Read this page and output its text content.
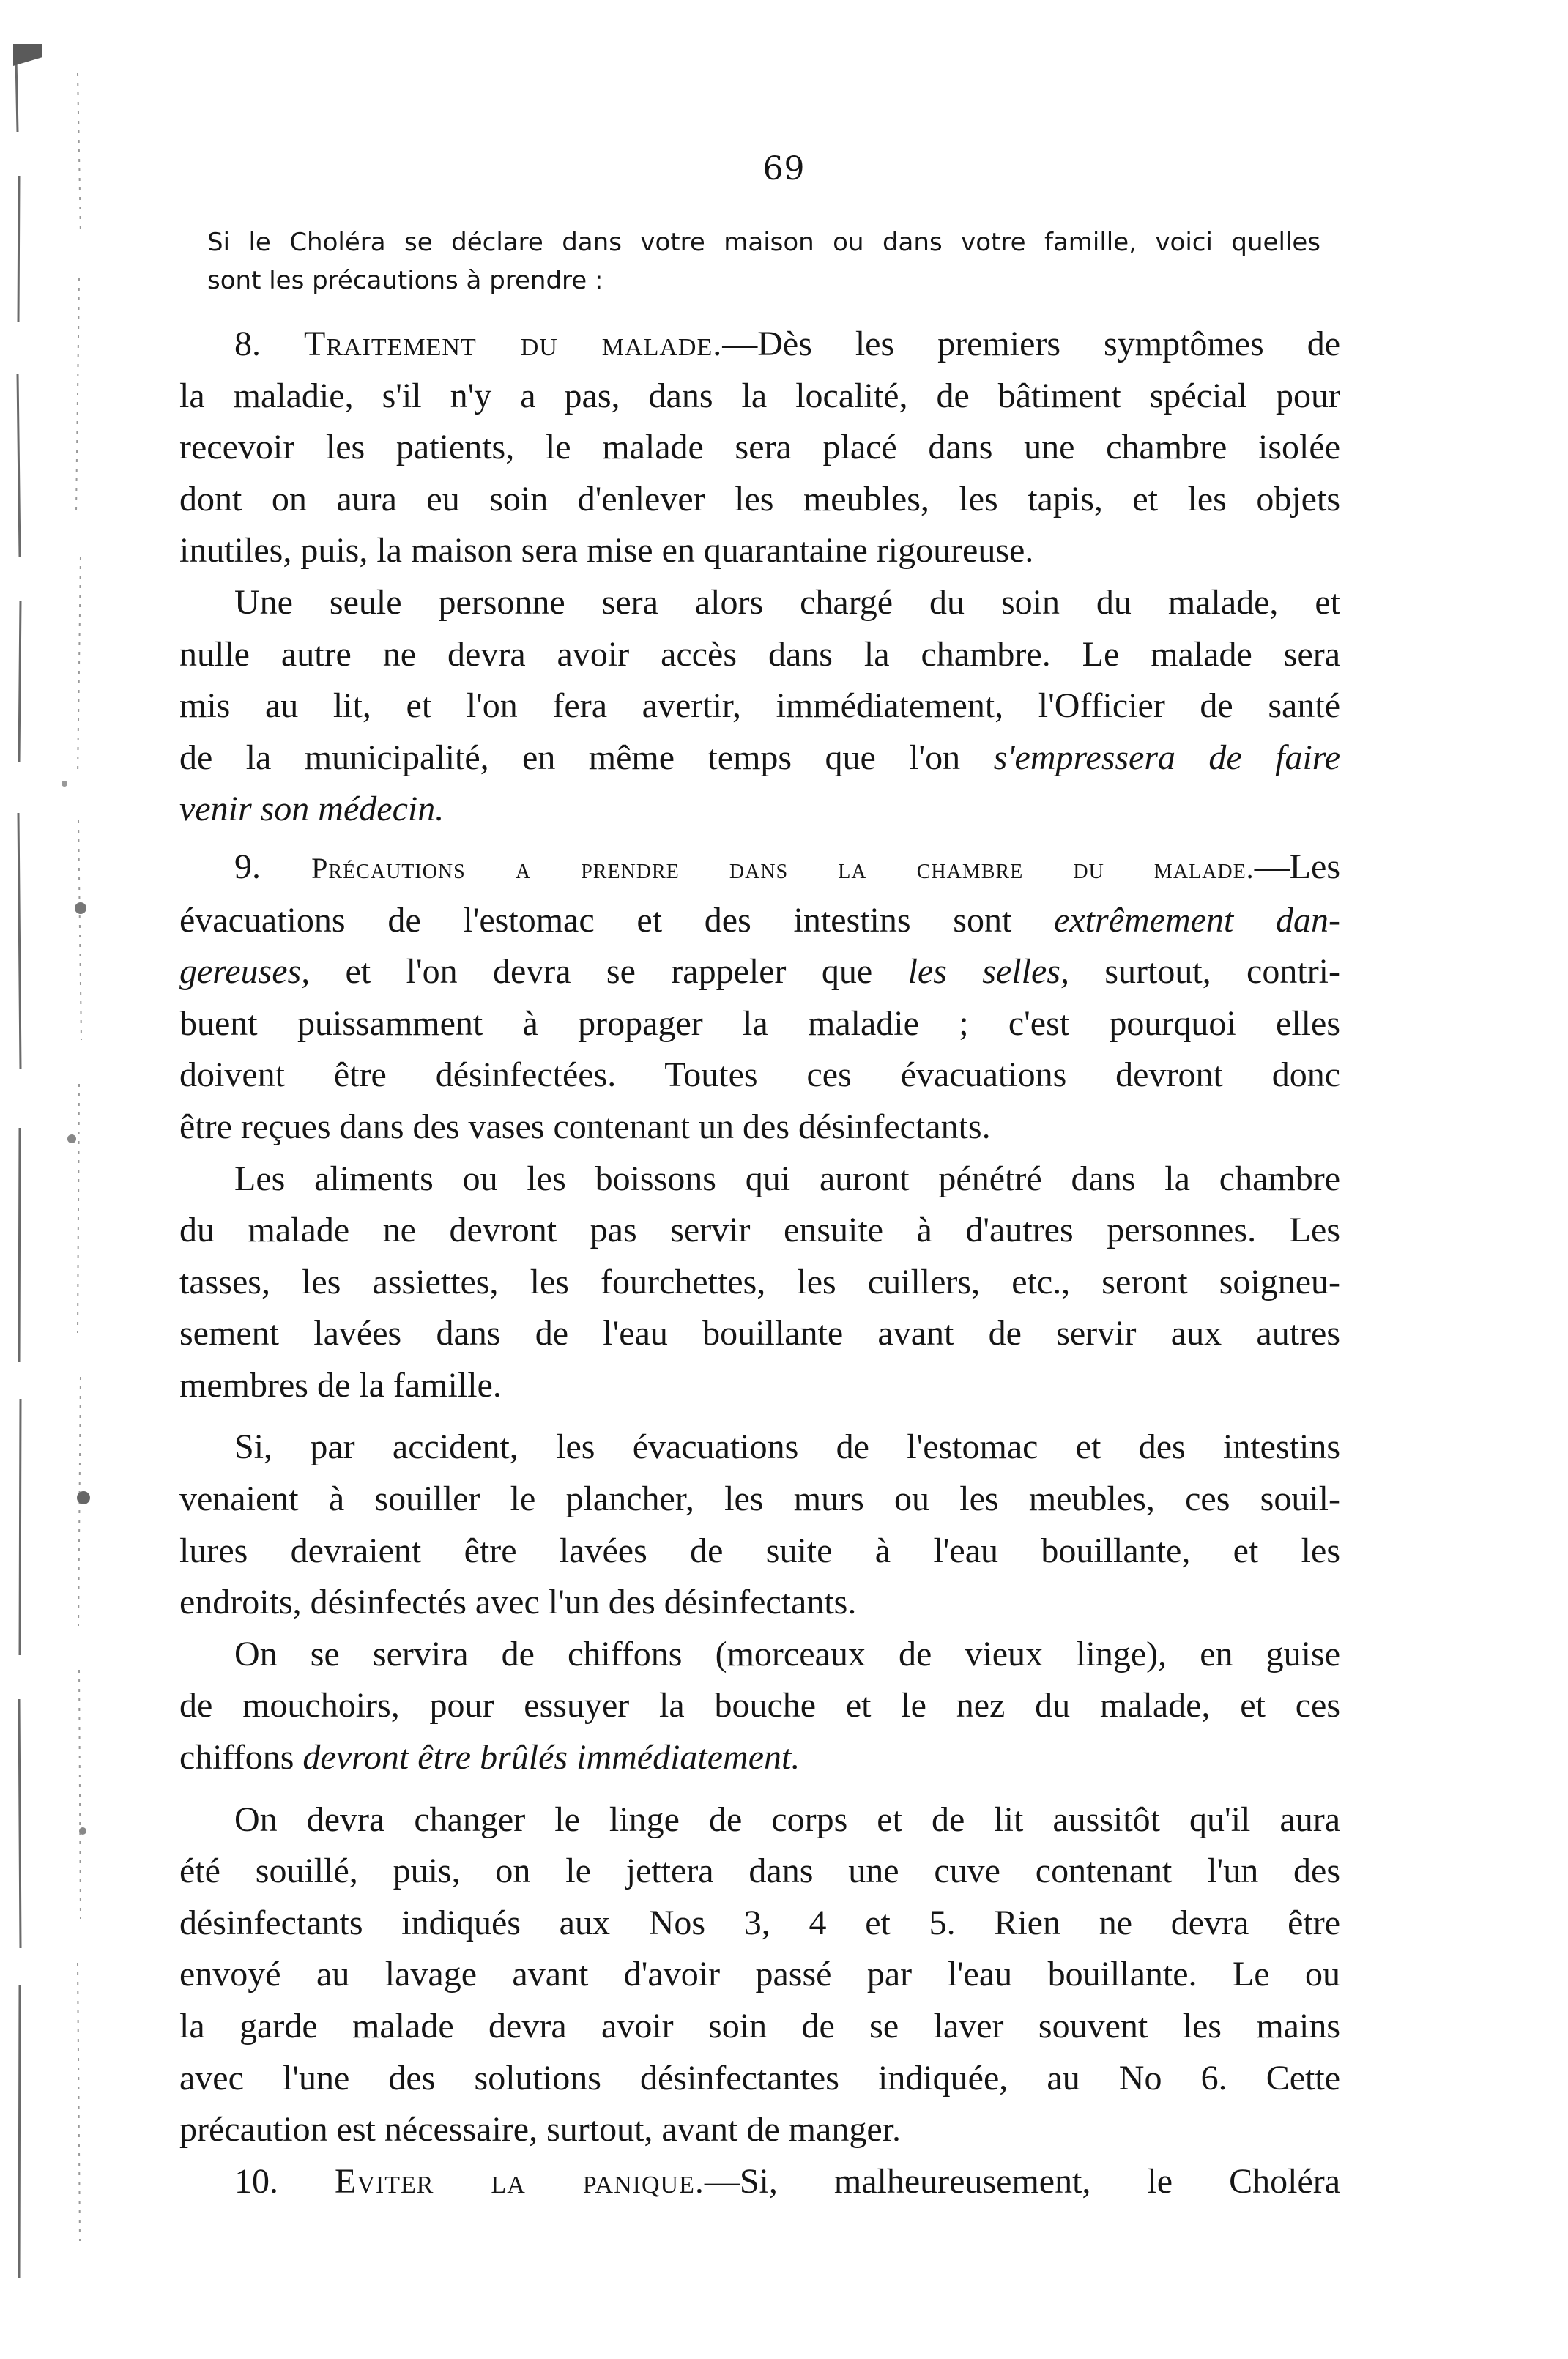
69
Si le Choléra se déclare dans votre maison ou dans votre famille, voici quelles
sont les précautions à prendre :
8. Traitement du malade.—Dès les premiers symptômes de
la maladie, s'il n'y a pas, dans la localité, de bâtiment spécial pour
recevoir les patients, le malade sera placé dans une chambre isolée
dont on aura eu soin d'enlever les meubles, les tapis, et les objets
inutiles, puis, la maison sera mise en quarantaine rigoureuse.
Une seule personne sera alors chargé du soin du malade, et
nulle autre ne devra avoir accès dans la chambre. Le malade sera
mis au lit, et l'on fera avertir, immédiatement, l'Officier de santé
de la municipalité, en même temps que l'on s'empressera de faire
venir son médecin.
9. Précautions a prendre dans la chambre du malade.—Les
évacuations de l'estomac et des intestins sont extrêmement dan-
gereuses, et l'on devra se rappeler que les selles, surtout, contri-
buent puissamment à propager la maladie ; c'est pourquoi elles
doivent être désinfectées. Toutes ces évacuations devront donc
être reçues dans des vases contenant un des désinfectants.
Les aliments ou les boissons qui auront pénétré dans la chambre
du malade ne devront pas servir ensuite à d'autres personnes. Les
tasses, les assiettes, les fourchettes, les cuillers, etc., seront soigneu-
sement lavées dans de l'eau bouillante avant de servir aux autres
membres de la famille.
Si, par accident, les évacuations de l'estomac et des intestins
venaient à souiller le plancher, les murs ou les meubles, ces souil-
lures devraient être lavées de suite à l'eau bouillante, et les
endroits, désinfectés avec l'un des désinfectants.
On se servira de chiffons (morceaux de vieux linge), en guise
de mouchoirs, pour essuyer la bouche et le nez du malade, et ces
chiffons devront être brûlés immédiatement.
On devra changer le linge de corps et de lit aussitôt qu'il aura
été souillé, puis, on le jettera dans une cuve contenant l'un des
désinfectants indiqués aux Nos 3, 4 et 5. Rien ne devra être
envoyé au lavage avant d'avoir passé par l'eau bouillante. Le ou
la garde malade devra avoir soin de se laver souvent les mains
avec l'une des solutions désinfectantes indiquée, au No 6. Cette
précaution est nécessaire, surtout, avant de manger.
10. Eviter la panique.—Si, malheureusement, le Choléra
